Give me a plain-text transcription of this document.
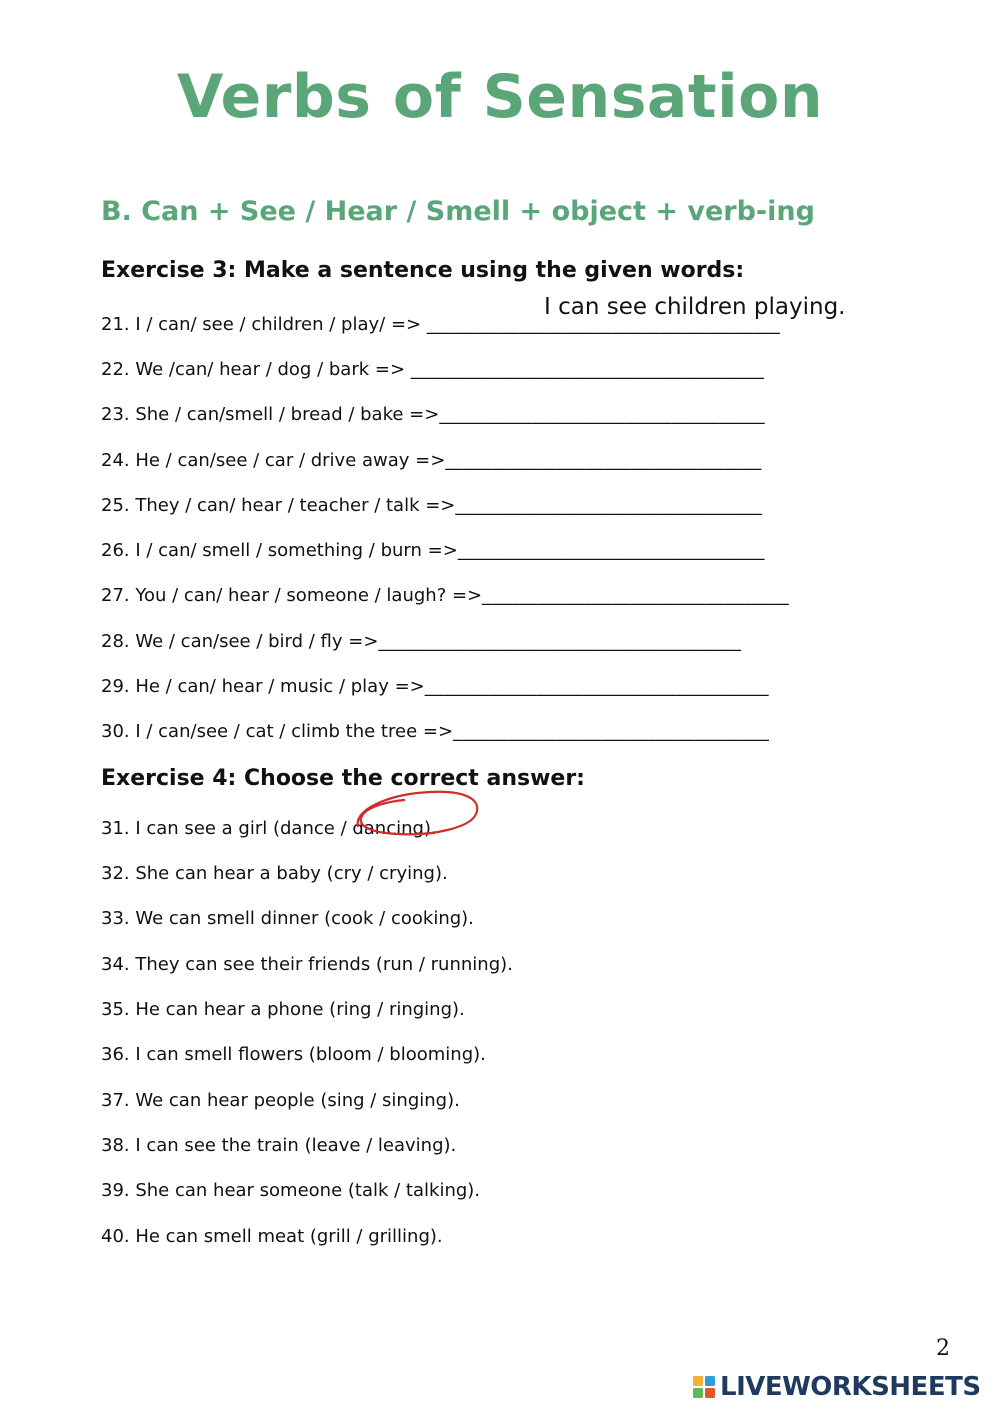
Verbs of Sensation
B. Can + See / Hear / Smell + object + verb-ing
Exercise 3: Make a sentence using the given words:
I can see children playing.
21. I / can/ see / children / play/ => ______________________________________
22. We /can/ hear / dog / bark => ______________________________________
23. She / can/smell / bread / bake =>___________________________________
24. He / can/see / car / drive away =>__________________________________
25. They / can/ hear / teacher / talk =>_________________________________
26. I / can/ smell / something / burn =>_________________________________
27. You / can/ hear / someone / laugh? =>_________________________________
28. We / can/see / bird / fly =>_______________________________________
29. He / can/ hear / music / play =>_____________________________________
30. I / can/see / cat / climb the tree =>__________________________________
Exercise 4: Choose the correct answer:
31. I can see a girl (dance / dancing).
32. She can hear a baby (cry / crying).
33. We can smell dinner (cook / cooking).
34. They can see their friends (run / running).
35. He can hear a phone (ring / ringing).
36. I can smell flowers (bloom / blooming).
37. We can hear people (sing / singing).
38. I can see the train (leave / leaving).
39. She can hear someone (talk / talking).
40. He can smell meat (grill / grilling).
2
LIVEWORKSHEETS
